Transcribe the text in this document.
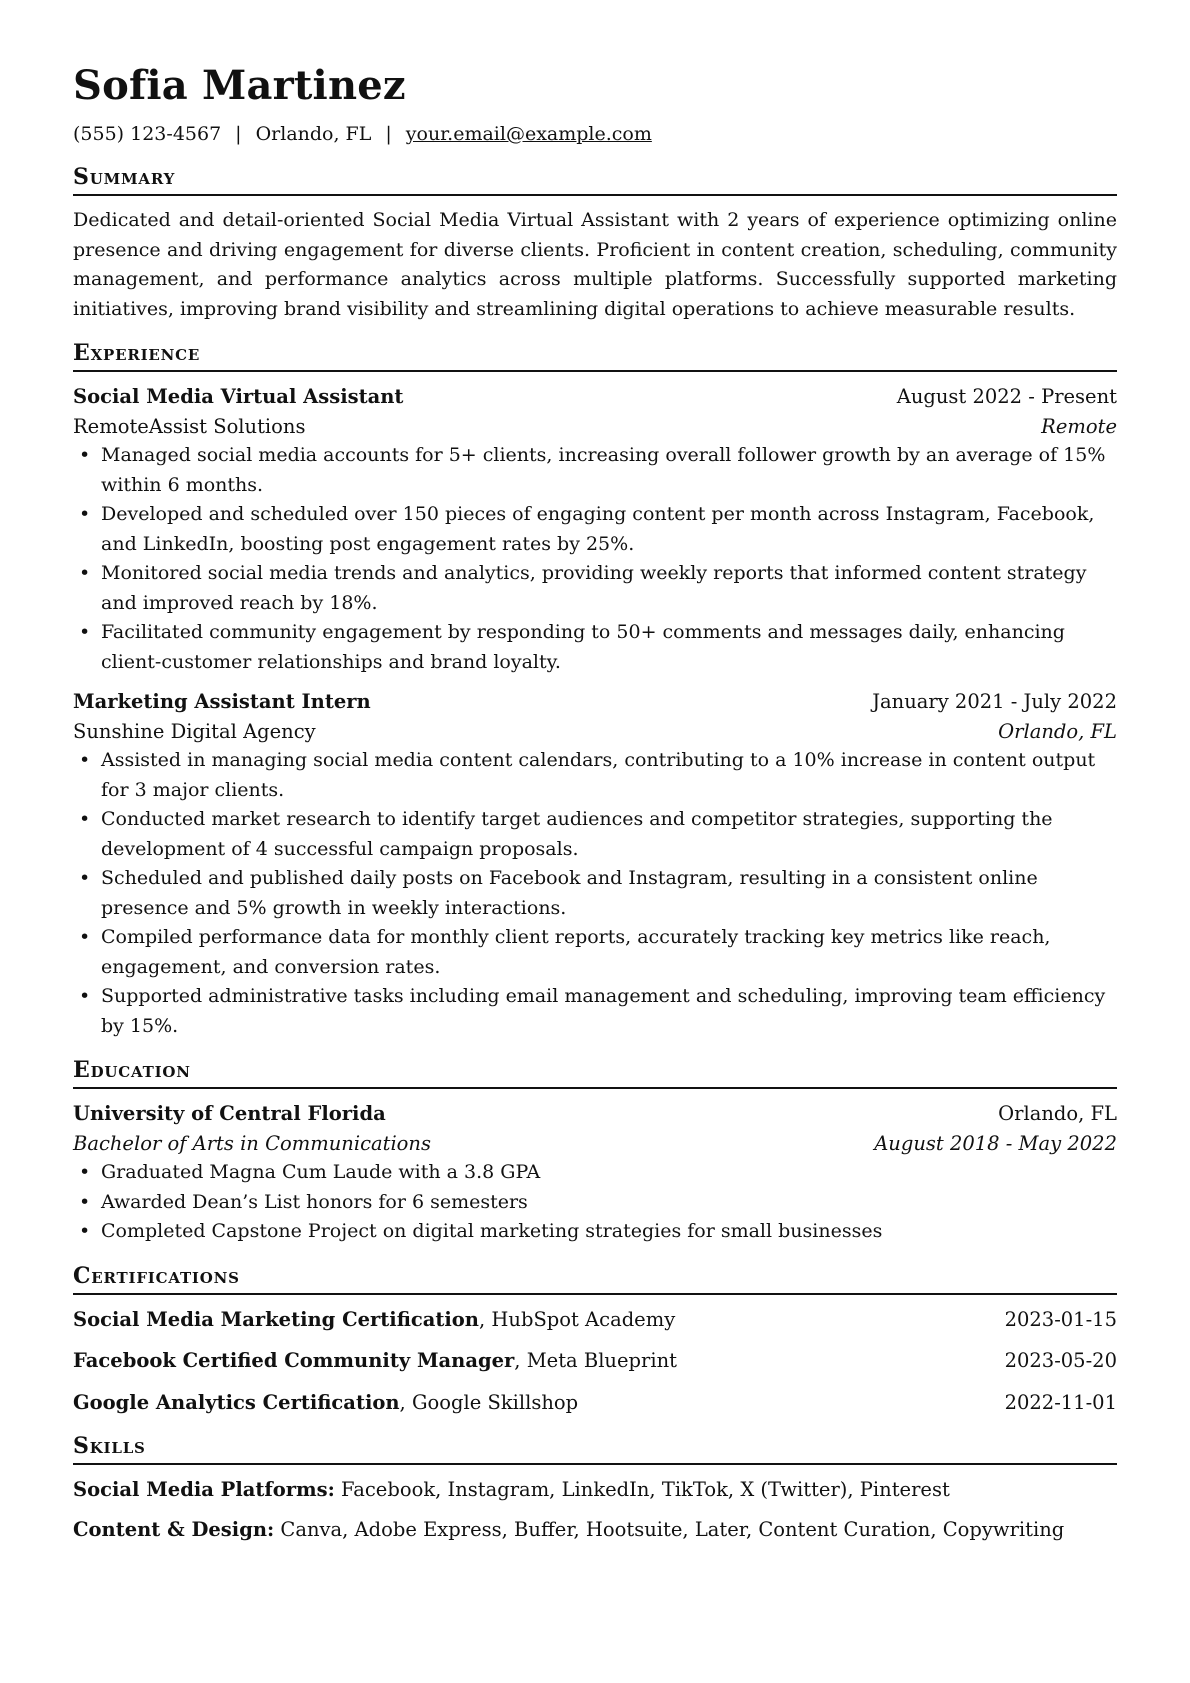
Sofia Martinez
(555) 123-4567 | Orlando, FL | your.email@example.com
Summary

Dedicated and detail-oriented Social Media Virtual Assistant with 2 years of experience optimizing online presence and driving engagement for diverse clients. Proficient in content creation, scheduling, community management, and performance analytics across multiple platforms. Successfully supported marketing initiatives, improving brand visibility and streamlining digital operations to achieve measurable results.

Experience
Social Media Virtual Assistant	August 2022 - Present
RemoteAssist Solutions	Remote
• Managed social media accounts for 5+ clients, increasing overall follower growth by an average of 15% within 6 months.
• Developed and scheduled over 150 pieces of engaging content per month across Instagram, Facebook, and LinkedIn, boosting post engagement rates by 25%.
• Monitored social media trends and analytics, providing weekly reports that informed content strategy and improved reach by 18%.
• Facilitated community engagement by responding to 50+ comments and messages daily, enhancing client-customer relationships and brand loyalty.
Marketing Assistant Intern	January 2021 - July 2022
Sunshine Digital Agency	Orlando, FL
• Assisted in managing social media content calendars, contributing to a 10% increase in content output for 3 major clients.
• Conducted market research to identify target audiences and competitor strategies, supporting the development of 4 successful campaign proposals.
• Scheduled and published daily posts on Facebook and Instagram, resulting in a consistent online presence and 5% growth in weekly interactions.
• Compiled performance data for monthly client reports, accurately tracking key metrics like reach, engagement, and conversion rates.
• Supported administrative tasks including email management and scheduling, improving team efficiency by 15%.
Education
University of Central Florida	Orlando, FL
Bachelor of Arts in Communications	August 2018 - May 2022
• Graduated Magna Cum Laude with a 3.8 GPA
• Awarded Dean’s List honors for 6 semesters
• Completed Capstone Project on digital marketing strategies for small businesses
Certifications
Social Media Marketing Certification, HubSpot Academy	2023-01-15
Facebook Certified Community Manager, Meta Blueprint	2023-05-20
Google Analytics Certification, Google Skillshop	2022-11-01
Skills
Social Media Platforms: Facebook, Instagram, LinkedIn, TikTok, X (Twitter), Pinterest
Content & Design: Canva, Adobe Express, Buffer, Hootsuite, Later, Content Curation, Copywriting
